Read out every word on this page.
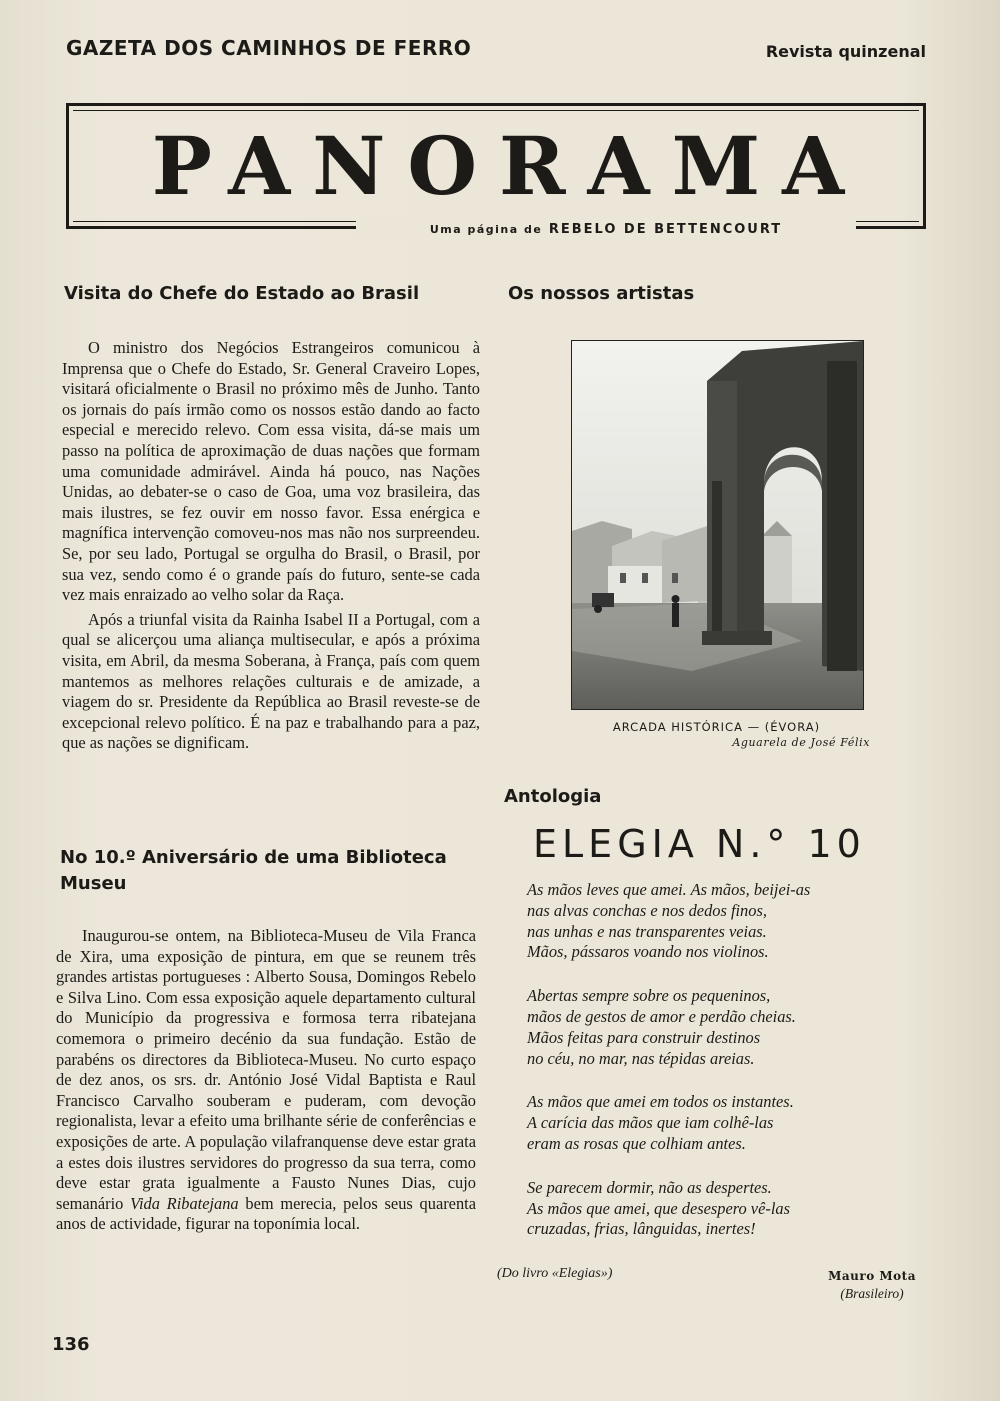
GAZETA DOS CAMINHOS DE FERRO	Revista quinzenal
PANORAMA
Uma página de REBELO DE BETTENCOURT
Visita do Chefe do Estado ao Brasil

O ministro dos Negócios Estrangeiros comunicou à Imprensa que o Chefe do Estado, Sr. General Craveiro Lopes, visitará oficialmente o Brasil no próximo mês de Junho. Tanto os jornais do país irmão como os nossos estão dando ao facto especial e merecido relevo. Com essa visita, dá-se mais um passo na política de aproximação de duas nações que formam uma comunidade admirável. Ainda há pouco, nas Nações Unidas, ao debater-se o caso de Goa, uma voz brasileira, das mais ilustres, se fez ouvir em nosso favor. Essa enérgica e magnífica intervenção comoveu-nos mas não nos surpreendeu. Se, por seu lado, Portugal se orgulha do Brasil, o Brasil, por sua vez, sendo como é o grande país do futuro, sente-se cada vez mais enraizado ao velho solar da Raça.

Após a triunfal visita da Rainha Isabel II a Portugal, com a qual se alicerçou uma aliança multisecular, e após a próxima visita, em Abril, da mesma Soberana, à França, país com quem mantemos as melhores relações culturais e de amizade, a viagem do sr. Presidente da República ao Brasil reveste-se de excepcional relevo político. É na paz e trabalhando para a paz, que as nações se dignificam.

No 10.º Aniversário de uma Biblioteca Museu

Inaugurou-se ontem, na Biblioteca-Museu de Vila Franca de Xira, uma exposição de pintura, em que se reunem três grandes artistas portugueses : Alberto Sousa, Domingos Rebelo e Silva Lino. Com essa exposição aquele departamento cultural do Município da progressiva e formosa terra ribatejana comemora o primeiro decénio da sua fundação. Estão de parabéns os directores da Biblioteca-Museu. No curto espaço de dez anos, os srs. dr. António José Vidal Baptista e Raul Francisco Carvalho souberam e puderam, com devoção regionalista, levar a efeito uma brilhante série de conferências e exposições de arte. A população vilafranquense deve estar grata a estes dois ilustres servidores do progresso da sua terra, como deve estar grata igualmente a Fausto Nunes Dias, cujo semanário Vida Ribatejana bem merecia, pelos seus quarenta anos de actividade, figurar na toponímia local.

Os nossos artistas
ARCADA HISTÓRICA — (ÉVORA)
Aguarela de José Félix
Antologia
ELEGIA N.° 10
As mãos leves que amei. As mãos, beijei-as
nas alvas conchas e nos dedos finos,
nas unhas e nas transparentes veias.
Mãos, pássaros voando nos violinos.
Abertas sempre sobre os pequeninos,
mãos de gestos de amor e perdão cheias.
Mãos feitas para construir destinos
no céu, no mar, nas tépidas areias.
As mãos que amei em todos os instantes.
A carícia das mãos que iam colhê-las
eram as rosas que colhiam antes.
Se parecem dormir, não as despertes.
As mãos que amei, que desespero vê-las
cruzadas, frias, lânguidas, inertes!
(Do livro «Elegias»)	Mauro Mota
(Brasileiro)
136
